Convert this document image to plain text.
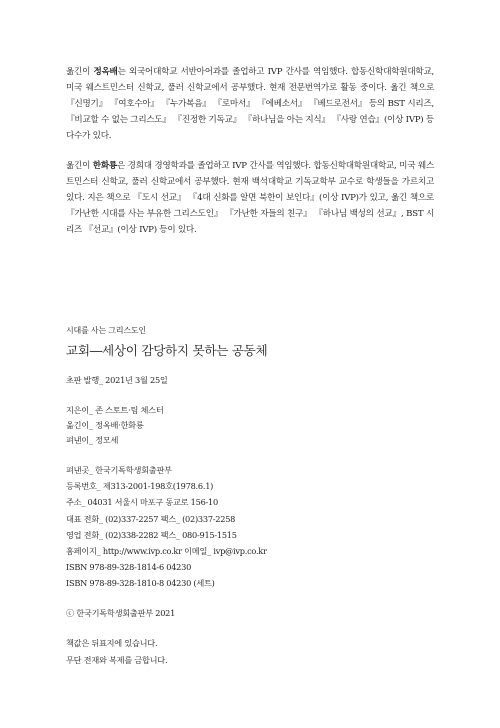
옮긴이 정옥배는 외국어대학교 서반아어과를 졸업하고 IVP 간사를 역임했다. 합동신학대학원대학교, 미국 웨스트민스터 신학교, 풀러 신학교에서 공부했다. 현재 전문번역가로 활동 중이다. 옮긴 책으로 『신명기』 『여호수아』 『누가복음』 『로마서』 『에베소서』 『베드로전서』 등의 BST 시리즈, 『비교할 수 없는 그리스도』 『진정한 기독교』 『하나님을 아는 지식』 『사랑 연습』(이상 IVP) 등 다수가 있다.

옮긴이 한화룡은 경희대 경영학과를 졸업하고 IVP 간사를 역임했다. 합동신학대학원대학교, 미국 웨스트민스터 신학교, 풀러 신학교에서 공부했다. 현재 백석대학교 기독교학부 교수로 학생들을 가르치고 있다. 지은 책으로 『도시 선교』 『4대 신화를 알면 북한이 보인다』(이상 IVP)가 있고, 옮긴 책으로 『가난한 시대를 사는 부유한 그리스도인』 『가난한 자들의 친구』 『하나님 백성의 선교』, BST 시리즈 『선교』(이상 IVP) 등이 있다.

시대를 사는 그리스도인

교회―세상이 감당하지 못하는 공동체

초판 발행_ 2021년 3월 25일

지은이_ 존 스토트·팀 체스터

옮긴이_ 정옥배·한화룡

펴낸이_ 정모세

펴낸곳_ 한국기독학생회출판부

등록번호_ 제313-2001-198호(1978.6.1)

주소_ 04031 서울시 마포구 동교로 156-10

대표 전화_ (02)337-2257 팩스_ (02)337-2258

영업 전화_ (02)338-2282 팩스_ 080-915-1515

홈페이지_ http://www.ivp.co.kr 이메일_ ivp@ivp.co.kr

ISBN 978-89-328-1814-6 04230

ISBN 978-89-328-1810-8 04230 (세트)

ⓒ 한국기독학생회출판부 2021

책값은 뒤표지에 있습니다.

무단 전재와 복제를 금합니다.
